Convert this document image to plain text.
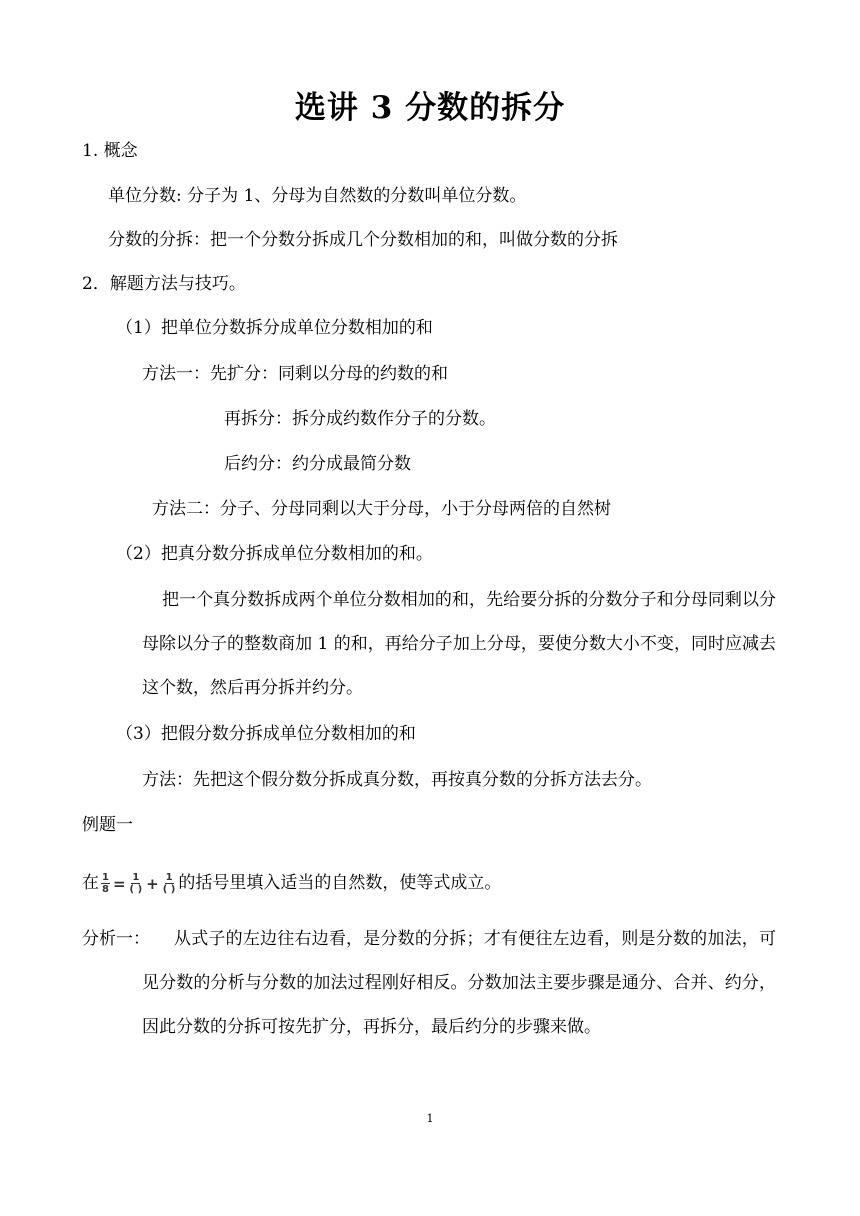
选讲 3 分数的拆分
1. 概念
单位分数: 分子为 1、分母为自然数的分数叫单位分数。
分数的分拆：把一个分数分拆成几个分数相加的和，叫做分数的分拆
2．解题方法与技巧。
（1）把单位分数拆分成单位分数相加的和
方法一：先扩分：同剩以分母的约数的和
再拆分：拆分成约数作分子的分数。
后约分：约分成最简分数
方法二：分子、分母同剩以大于分母，小于分母两倍的自然树
（2）把真分数分拆成单位分数相加的和。
把一个真分数拆成两个单位分数相加的和，先给要分拆的分数分子和分母同剩以分母除以分子的整数商加 1 的和，再给分子加上分母，要使分数大小不变，同时应减去这个数，然后再分拆并约分。
（3）把假分数分拆成单位分数相加的和
方法：先把这个假分数分拆成真分数，再按真分数的分拆方法去分。
例题一
在 $\frac{1}{8} = \frac{1}{( )} + \frac{1}{( )}$ 的括号里填入适当的自然数，使等式成立。
分析一：	从式子的左边往右边看，是分数的分拆；才有便往左边看，则是分数的加法，可见分数的分析与分数的加法过程刚好相反。分数加法主要步骤是通分、合并、约分，因此分数的分拆可按先扩分，再拆分，最后约分的步骤来做。
1
